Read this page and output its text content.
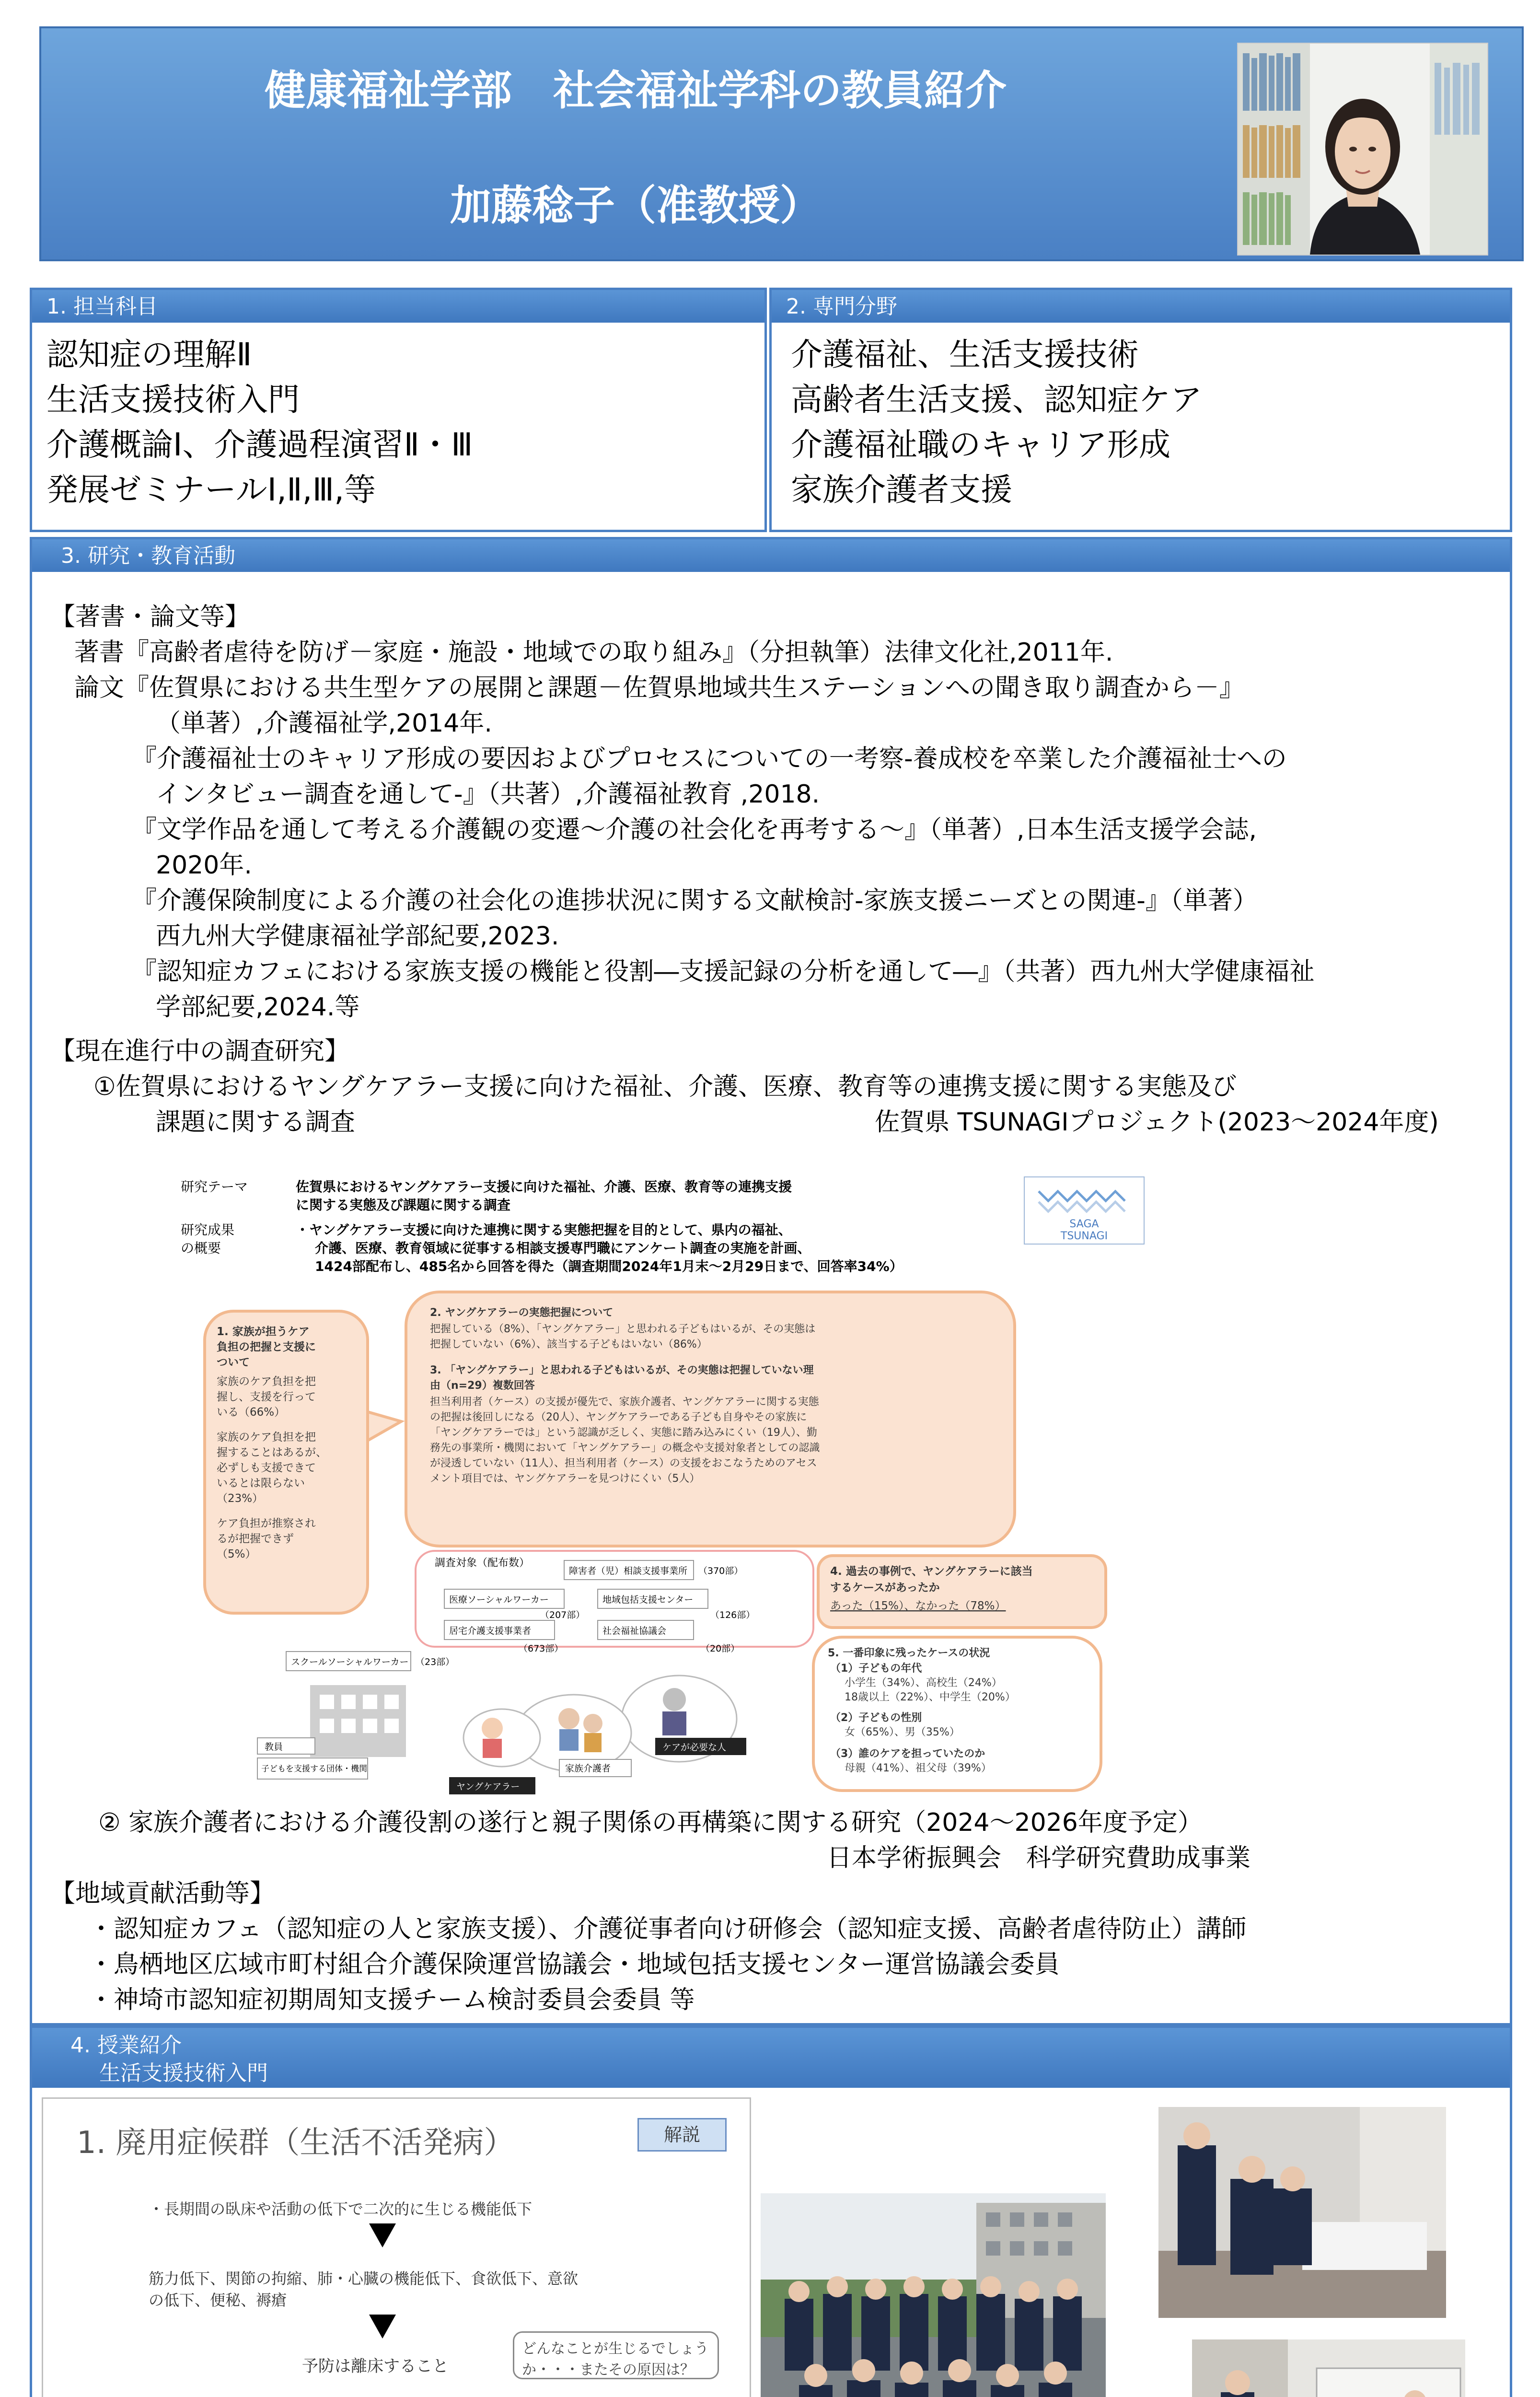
健康福祉学部　社会福祉学科の教員紹介
加藤稔子（准教授）
1. 担当科目
認知症の理解Ⅱ
生活支援技術入門
介護概論Ⅰ、介護過程演習Ⅱ・Ⅲ
発展ゼミナールⅠ,Ⅱ,Ⅲ,等
2. 専門分野
介護福祉、生活支援技術
高齢者生活支援、認知症ケア
介護福祉職のキャリア形成
家族介護者支援
3. 研究・教育活動

【著書・論文等】

著書『高齢者虐待を防げ－家庭・施設・地域での取り組み』（分担執筆）法律文化社,2011年.

論文『佐賀県における共生型ケアの展開と課題－佐賀県地域共生ステーションへの聞き取り調査から－』

（単著）,介護福祉学,2014年.

『介護福祉士のキャリア形成の要因およびプロセスについての一考察-養成校を卒業した介護福祉士への

インタビュー調査を通して-』（共著）,介護福祉教育 ,2018.

『文学作品を通して考える介護観の変遷～介護の社会化を再考する～』（単著）,日本生活支援学会誌,

2020年.

『介護保険制度による介護の社会化の進捗状況に関する文献検討-家族支援ニーズとの関連-』（単著）

西九州大学健康福祉学部紀要,2023.

『認知症カフェにおける家族支援の機能と役割―支援記録の分析を通して―』（共著）西九州大学健康福祉

学部紀要,2024.等

【現在進行中の調査研究】

①佐賀県におけるヤングケアラー支援に向けた福祉、介護、医療、教育等の連携支援に関する実態及び

課題に関する調査	佐賀県 TSUNAGIプロジェクト(2023～2024年度)

研究テーマ	佐賀県におけるヤングケアラー支援に向けた福祉、介護、医療、教育等の連携支援
に関する実態及び課題に関する調査
研究成果
の概要
・ヤングケアラー支援に向けた連携に関する実態把握を目的として、県内の福祉、
介護、医療、教育領域に従事する相談支援専門職にアンケート調査の実施を計画、
1424部配布し、485名から回答を得た（調査期間2024年1月末～2月29日まで、回答率34%）
SAGA
TSUNAGI
1. 家族が担うケア
負担の把握と支援に
ついて
家族のケア負担を把
握し、支援を行って
いる（66%）
家族のケア負担を把
握することはあるが、
必ずしも支援できて
いるとは限らない
（23%）
ケア負担が推察され
るが把握できず
（5%）
2. ヤングケアラーの実態把握について
把握している（8%）、「ヤングケアラー」と思われる子どもはいるが、その実態は
把握していない（6%）、該当する子どもはいない（86%）
3. 「ヤングケアラー」と思われる子どもはいるが、その実態は把握していない理
由（n=29）複数回答
担当利用者（ケース）の支援が優先で、家族介護者、ヤングケアラーに関する実態
の把握は後回しになる（20人）、ヤングケアラーである子ども自身やその家族に
「ヤングケアラーでは」という認識が乏しく、実態に踏み込みにくい（19人）、勤
務先の事業所・機関において「ヤングケアラー」の概念や支援対象者としての認識
が浸透していない（11人）、担当利用者（ケース）の支援をおこなうためのアセス
メント項目では、ヤングケアラーを見つけにくい（5人）
調査対象（配布数）
障害者（児）相談支援事業所 （370部）
医療ソーシャルワーカー
（207部）
地域包括支援センター
（126部）
居宅介護支援事業者
（673部）
社会福祉協議会
（20部）
スクールソーシャルワーカー （23部）
4. 過去の事例で、ヤングケアラーに該当
するケースがあったか
あった（15%）、なかった（78%）
5. 一番印象に残ったケースの状況
（1）子どもの年代
小学生（34%）、高校生（24%）
18歳以上（22%）、中学生（20%）
（2）子どもの性別
女（65%）、男（35%）
（3）誰のケアを担っていたのか
母親（41%）、祖父母（39%）
教員
子どもを支援する団体・機関
ケアが必要な人
家族介護者
ヤングケアラー

② 家族介護者における介護役割の遂行と親子関係の再構築に関する研究（2024～2026年度予定）

日本学術振興会　科学研究費助成事業

【地域貢献活動等】

・認知症カフェ（認知症の人と家族支援）、介護従事者向け研修会（認知症支援、高齢者虐待防止）講師

・鳥栖地区広域市町村組合介護保険運営協議会・地域包括支援センター運営協議会委員

・神埼市認知症初期周知支援チーム検討委員会委員 等

4. 授業紹介
生活支援技術入門
1. 廃用症候群（生活不活発病）	解説
・長期間の臥床や活動の低下で二次的に生じる機能低下
筋力低下、関節の拘縮、肺・心臓の機能低下、食欲低下、意欲
の低下、便秘、褥瘡
予防は離床すること
どんなことが生じるでしょう
か・・・またその原因は？
